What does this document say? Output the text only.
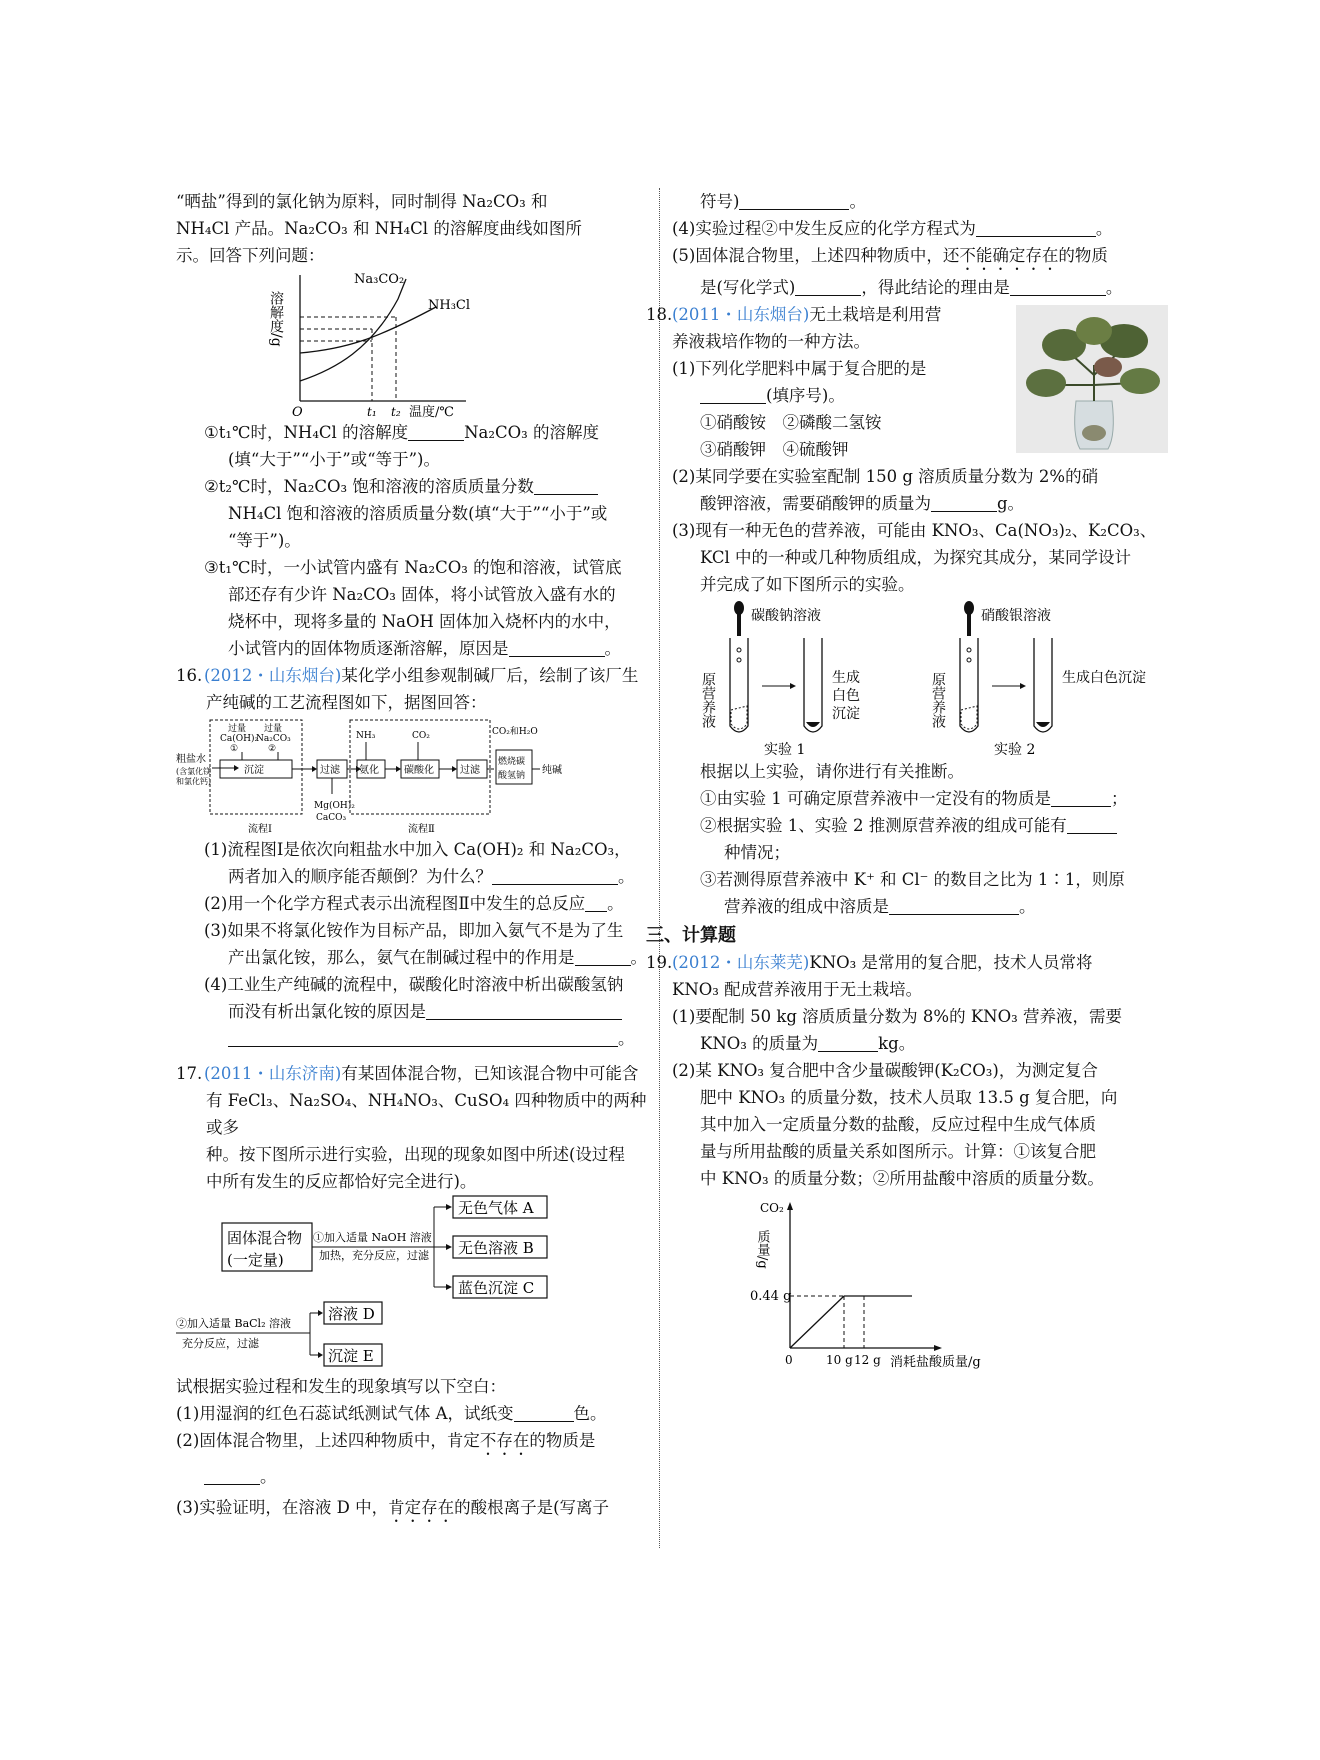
“晒盐”得到的氯化钠为原料，同时制得 Na₂CO₃ 和

NH₄Cl 产品。Na₂CO₃ 和 NH₄Cl 的溶解度曲线如图所

示。回答下列问题：

溶解度/g
O	t₁ t₂ 温度/℃
Na₃CO₂
NH₃Cl

①t₁℃时，NH₄Cl 的溶解度	Na₂CO₃ 的溶解度

(填“大于”“小于”或“等于”)。

②t₂℃时，Na₂CO₃ 饱和溶液的溶质质量分数

NH₄Cl 饱和溶液的溶质质量分数(填“大于”“小于”或

“等于”)。

③t₁℃时，一小试管内盛有 Na₂CO₃ 的饱和溶液，试管底

部还存有少许 Na₂CO₃ 固体，将小试管放入盛有水的

烧杯中，现将多量的 NaOH 固体加入烧杯内的水中，

小试管内的固体物质逐渐溶解，原因是	。

16. (2012・山东烟台)某化学小组参观制碱厂后，绘制了该厂生

产纯碱的工艺流程图如下，据图回答：

粗盐水
(含氯化镁
和氯化钙)
过量
Ca(OH)₂
①
过量
Na₂CO₃
②
沉淀	过滤
Mg(OH)₂
CaCO₃
NH₃
氨化
CO₂
碳酸化	过滤
CO₂和H₂O
燃烧碳
酸氢钠 纯碱
流程Ⅰ	流程Ⅱ

(1)流程图Ⅰ是依次向粗盐水中加入 Ca(OH)₂ 和 Na₂CO₃，

两者加入的顺序能否颠倒？为什么？	。

(2)用一个化学方程式表示出流程图Ⅱ中发生的总反应 。

(3)如果不将氯化铵作为目标产品，即加入氨气不是为了生

产出氯化铵，那么，氨气在制碱过程中的作用是	。

(4)工业生产纯碱的流程中，碳酸化时溶液中析出碳酸氢钠

而没有析出氯化铵的原因是

。

17. (2011・山东济南)有某固体混合物，已知该混合物中可能含

有 FeCl₃、Na₂SO₄、NH₄NO₃、CuSO₄ 四种物质中的两种或多

种。按下图所示进行实验，出现的现象如图中所述(设过程

中所有发生的反应都恰好完全进行)。

固体混合物
(一定量)
①加入适量 NaOH 溶液
加热，充分反应，过滤
无色气体 A
无色溶液 B
蓝色沉淀 C
②加入适量 BaCl₂ 溶液
充分反应，过滤
溶液 D
沉淀 E

试根据实验过程和发生的现象填写以下空白：

(1)用湿润的红色石蕊试纸测试气体 A，试纸变	色。

(2)固体混合物里，上述四种物质中，肯定不存在的物质是

。

(3)实验证明，在溶液 D 中，肯定存在的酸根离子是(写离子

符号)	。

(4)实验过程②中发生反应的化学方程式为	。

(5)固体混合物里，上述四种物质中，还不能确定存在的物质

是(写化学式)	，得此结论的理由是	。

18.(2011・山东烟台)无土栽培是利用营

养液栽培作物的一种方法。

(1)下列化学肥料中属于复合肥的是

(填序号)。

①硝酸铵　②磷酸二氢铵

③硝酸钾　④硫酸钾

(2)某同学要在实验室配制 150 g 溶质质量分数为 2%的硝

酸钾溶液，需要硝酸钾的质量为	g。

(3)现有一种无色的营养液，可能由 KNO₃、Ca(NO₃)₂、K₂CO₃、

KCl 中的一种或几种物质组成，为探究其成分，某同学设计

并完成了如下图所示的实验。

碳酸钠溶液
原营养液	生成
白色
沉淀
实验 1
硝酸银溶液
原营养液	生成白色沉淀
实验 2

根据以上实验，请你进行有关推断。

①由实验 1 可确定原营养液中一定没有的物质是	；

②根据实验 1、实验 2 推测原营养液的组成可能有

种情况；

③若测得原营养液中 K⁺ 和 Cl⁻ 的数目之比为 1∶1，则原

营养液的组成中溶质是	。

三、计算题

19.(2012・山东莱芜)KNO₃ 是常用的复合肥，技术人员常将

KNO₃ 配成营养液用于无土栽培。

(1)要配制 50 kg 溶质质量分数为 8%的 KNO₃ 营养液，需要

KNO₃ 的质量为	kg。

(2)某 KNO₃ 复合肥中含少量碳酸钾(K₂CO₃)，为测定复合

肥中 KNO₃ 的质量分数，技术人员取 13.5 g 复合肥，向

其中加入一定质量分数的盐酸，反应过程中生成气体质

量与所用盐酸的质量关系如图所示。计算：①该复合肥

中 KNO₃ 的质量分数；②所用盐酸中溶质的质量分数。

CO₂
质量/g
0.44 g
0	10 g 12 g 消耗盐酸质量/g
